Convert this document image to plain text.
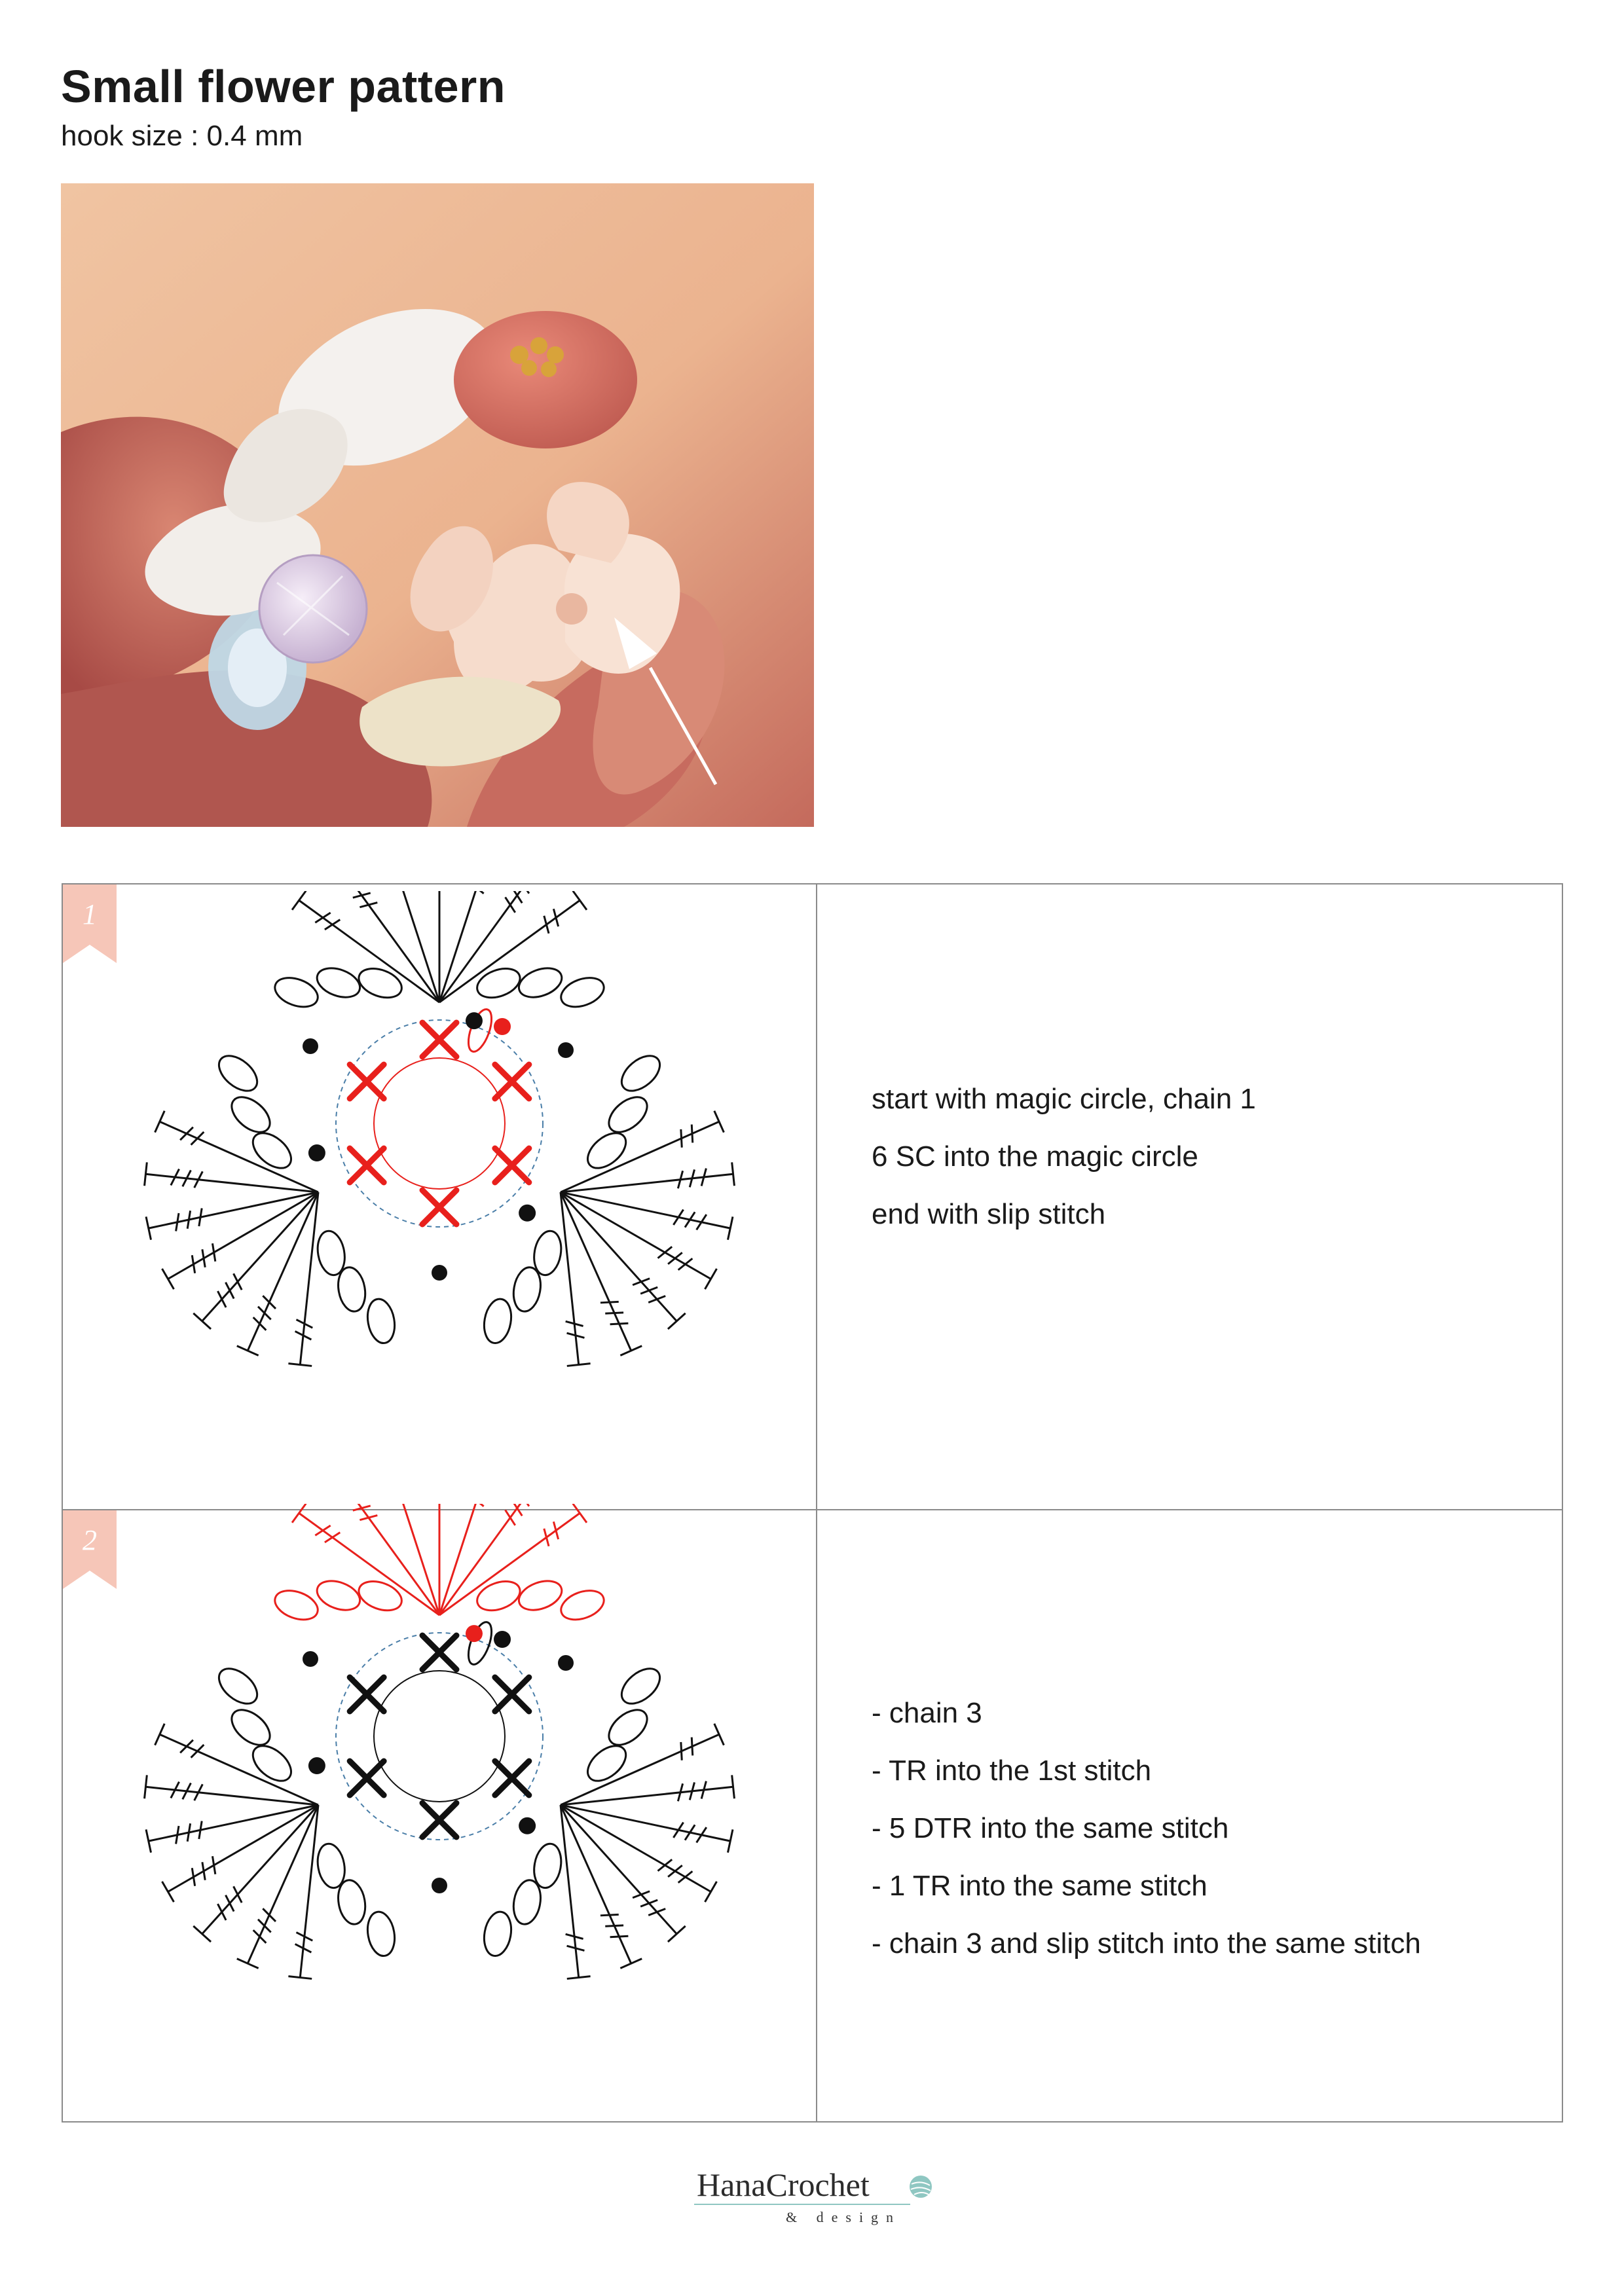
Small flower pattern
hook size : 0.4 mm
1
start with magic circle, chain 1
6 SC into the magic circle
end with slip stitch
2
- chain 3
- TR into the 1st stitch
- 5 DTR into the same stitch
- 1 TR into the same stitch
- chain 3 and slip stitch into the same stitch
HanaCrochet
& design
